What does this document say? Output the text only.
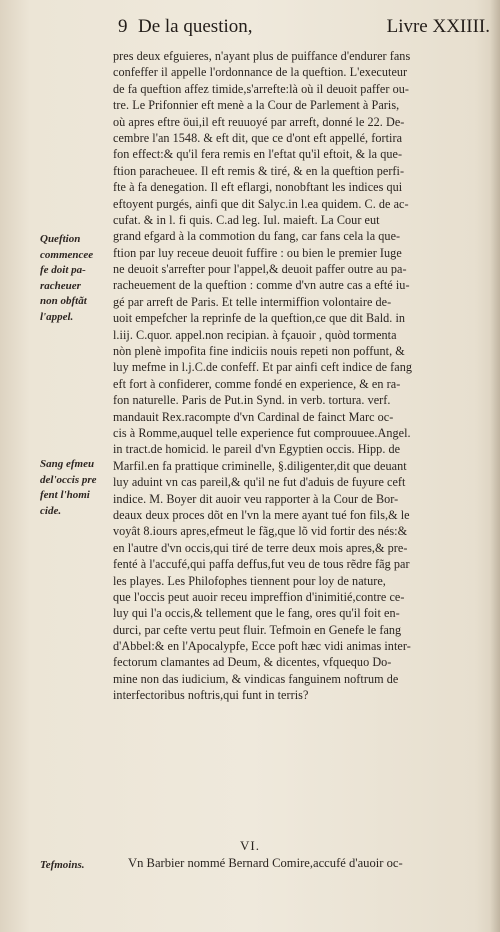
9 De la question,	Livre XXIIII.
pres deux efguieres, n'ayant plus de puiffance d'endurer fans
confeffer il appelle l'ordonnance de la queftion. L'executeur
de fa queftion affez timide,s'arrefte:là où il deuoit paffer ou-
tre. Le Prifonnier eft menè a la Cour de Parlement à Paris,
où apres eftre öui,il eft reuuoyé par arreft, donné le 22. De-
cembre l'an 1548. & eft dit, que ce d'ont eft appellé, fortira
fon effect:& qu'il fera remis en l'eftat qu'il eftoit, & la que-
ftion paracheuee. Il eft remis & tiré, & en la queftion perfi-
fte à fa denegation. Il eft eflargi, nonobftant les indices qui
eftoyent purgés, ainfi que dit Salyc.in l.ea quidem. C. de ac-
cufat. & in l. fi quis. C.ad leg. Iul. maieft. La Cour eut
grand efgard à la commotion du fang, car fans cela la que-
ftion par luy receue deuoit fuffire : ou bien le premier Iuge
ne deuoit s'arrefter pour l'appel,& deuoit paffer outre au pa-
racheuement de la queftion : comme d'vn autre cas a efté iu-
gé par arreft de Paris. Et telle intermiffion volontaire de-
uoit empefcher la reprinfe de la queftion,ce que dit Bald. in
l.iij. C.quor. appel.non recipian. à fçauoir , quòd tormenta
nòn plenè impofita fine indiciis nouis repeti non poffunt, &
luy mefme in l.j.C.de confeff. Et par ainfi ceft indice de fang
eft fort à confiderer, comme fondé en experience, & en ra-
fon naturelle. Paris de Put.in Synd. in verb. tortura. verf.
mandauit Rex.racompte d'vn Cardinal de fainct Marc oc-
cis à Romme,auquel telle experience fut comprouuee.Angel.
in tract.de homicid. le pareil d'vn Egyptien occis. Hipp. de
Marfil.en fa prattique criminelle, §.diligenter,dit que deuant
luy aduint vn cas pareil,& qu'il ne fut d'aduis de fuyure ceft
indice. M. Boyer dit auoir veu rapporter à la Cour de Bor-
deaux deux proces dõt en l'vn la mere ayant tué fon fils,& le
voyât 8.iours apres,efmeut le fãg,que lõ vid fortir des nés:&
en l'autre d'vn occis,qui tiré de terre deux mois apres,& pre-
fenté à l'accufé,qui paffa deffus,fut veu de tous rẽdre fãg par
les playes. Les Philofophes tiennent pour loy de nature,
que l'occis peut auoir receu impreffion d'inimitié,contre ce-
luy qui l'a occis,& tellement que le fang, ores qu'il foit en-
durci, par cefte vertu peut fluir. Tefmoin en Genefe le fang
d'Abbel:& en l'Apocalypfe, Ecce poft hæc vidi animas inter-
fectorum clamantes ad Deum, & dicentes, vfquequo Do-
mine non das iudicium, & vindicas fanguinem noftrum de
interfectoribus noftris,qui funt in terris?
Queftion
commencee
fe doit pa-
racheuer
non obftãt
l'appel.
Sang efmeu
del'occis pre
fent l'homi
cide.
Tefmoins.
VI.
Vn Barbier nommé Bernard Comire,accufé d'auoir oc-
